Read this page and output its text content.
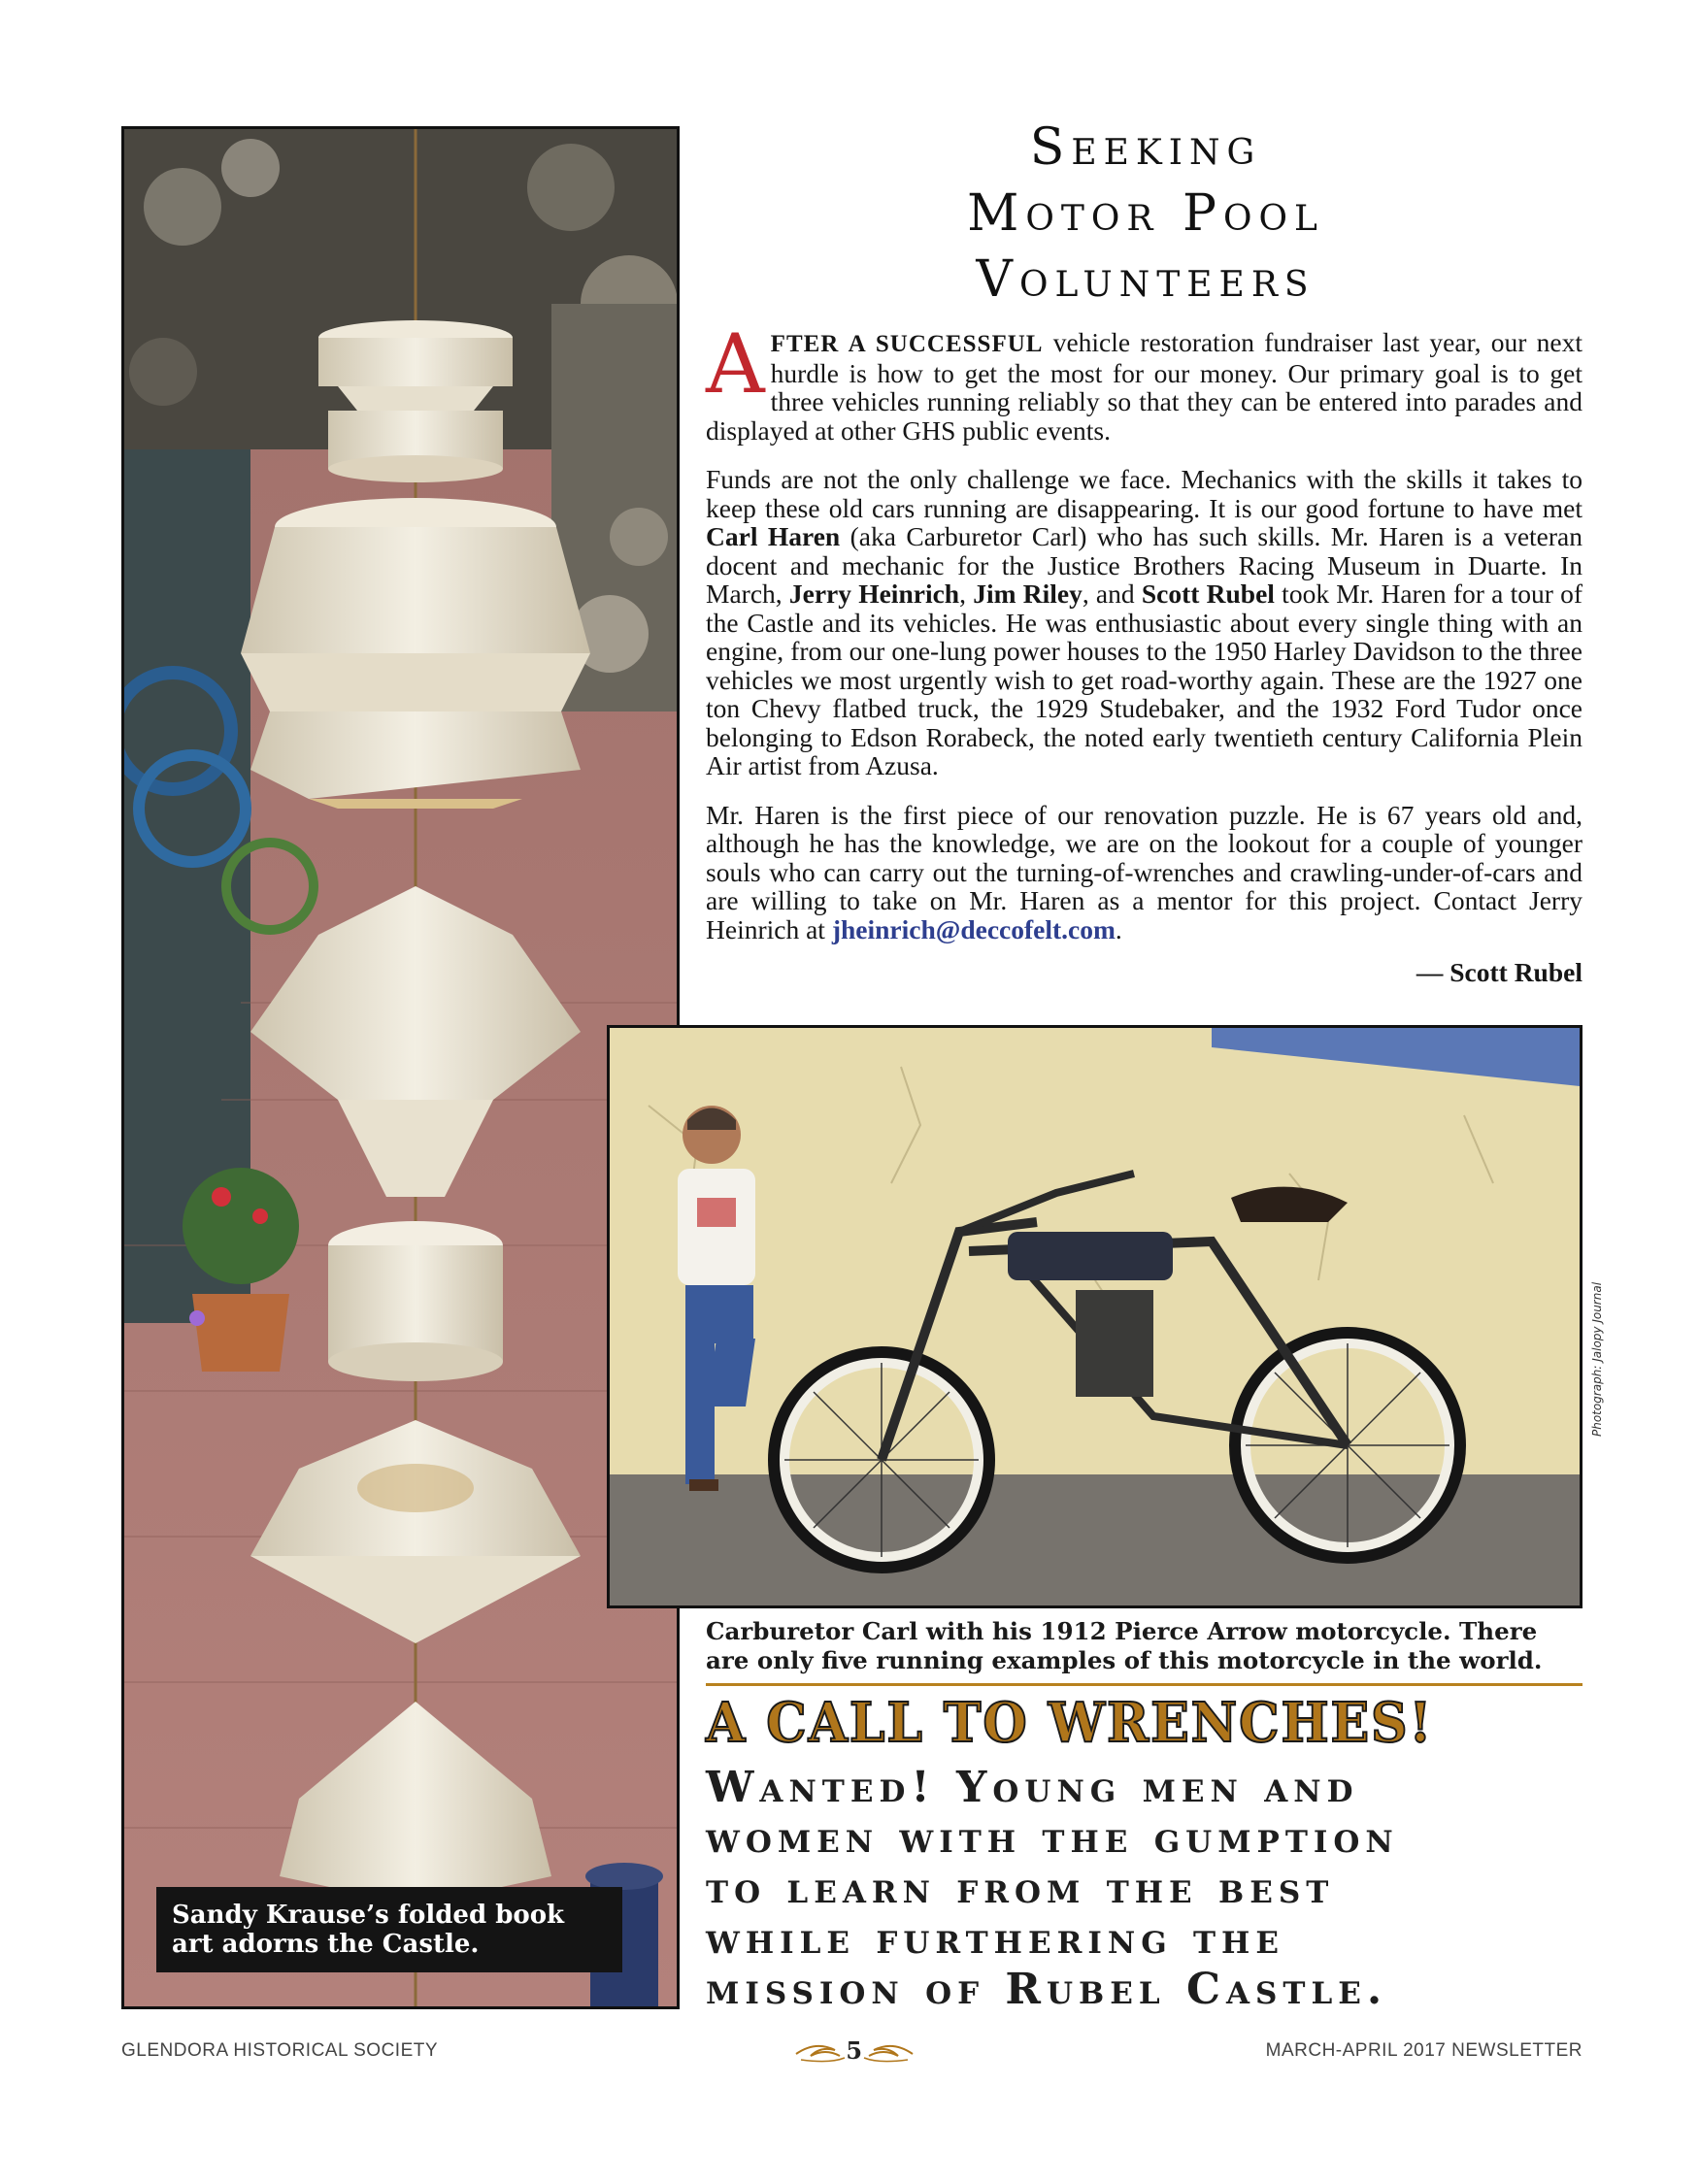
Sandy Krause’s folded book art adorns the Castle.
Seeking
Motor Pool
Volunteers

AFTER A SUCCESSFUL vehicle restoration fundraiser last year, our next hurdle is how to get the most for our money. Our primary goal is to get three vehicles running reliably so that they can be entered into parades and displayed at other GHS public events.

Funds are not the only challenge we face. Mechanics with the skills it takes to keep these old cars running are disappearing. It is our good fortune to have met Carl Haren (aka Carburetor Carl) who has such skills. Mr. Haren is a veteran docent and mechanic for the Justice Brothers Racing Museum in Duarte. In March, Jerry Heinrich, Jim Riley, and Scott Rubel took Mr. Haren for a tour of the Castle and its vehicles. He was enthusiastic about every single thing with an engine, from our one-lung power houses to the 1950 Harley Davidson to the three vehicles we most urgently wish to get road-worthy again. These are the 1927 one ton Chevy flatbed truck, the 1929 Studebaker, and the 1932 Ford Tudor once belonging to Edson Rorabeck, the noted early twentieth century California Plein Air artist from Azusa.

Mr. Haren is the first piece of our renovation puzzle. He is 67 years old and, although he has the knowledge, we are on the lookout for a couple of younger souls who can carry out the turning-of-wrenches and crawling-under-of-cars and are willing to take on Mr. Haren as a mentor for this project. Contact Jerry Heinrich at jheinrich@deccofelt.com.

— Scott Rubel
Photograph: Jalopy Journal
Carburetor Carl with his 1912 Pierce Arrow motorcycle. There are only five running examples of this motorcycle in the world.
A CALL TO WRENCHES!
Wanted! Young men and
women with the gumption
to learn from the best
while furthering the
mission of Rubel Castle.
GLENDORA HISTORICAL SOCIETY	5	MARCH-APRIL 2017 NEWSLETTER
